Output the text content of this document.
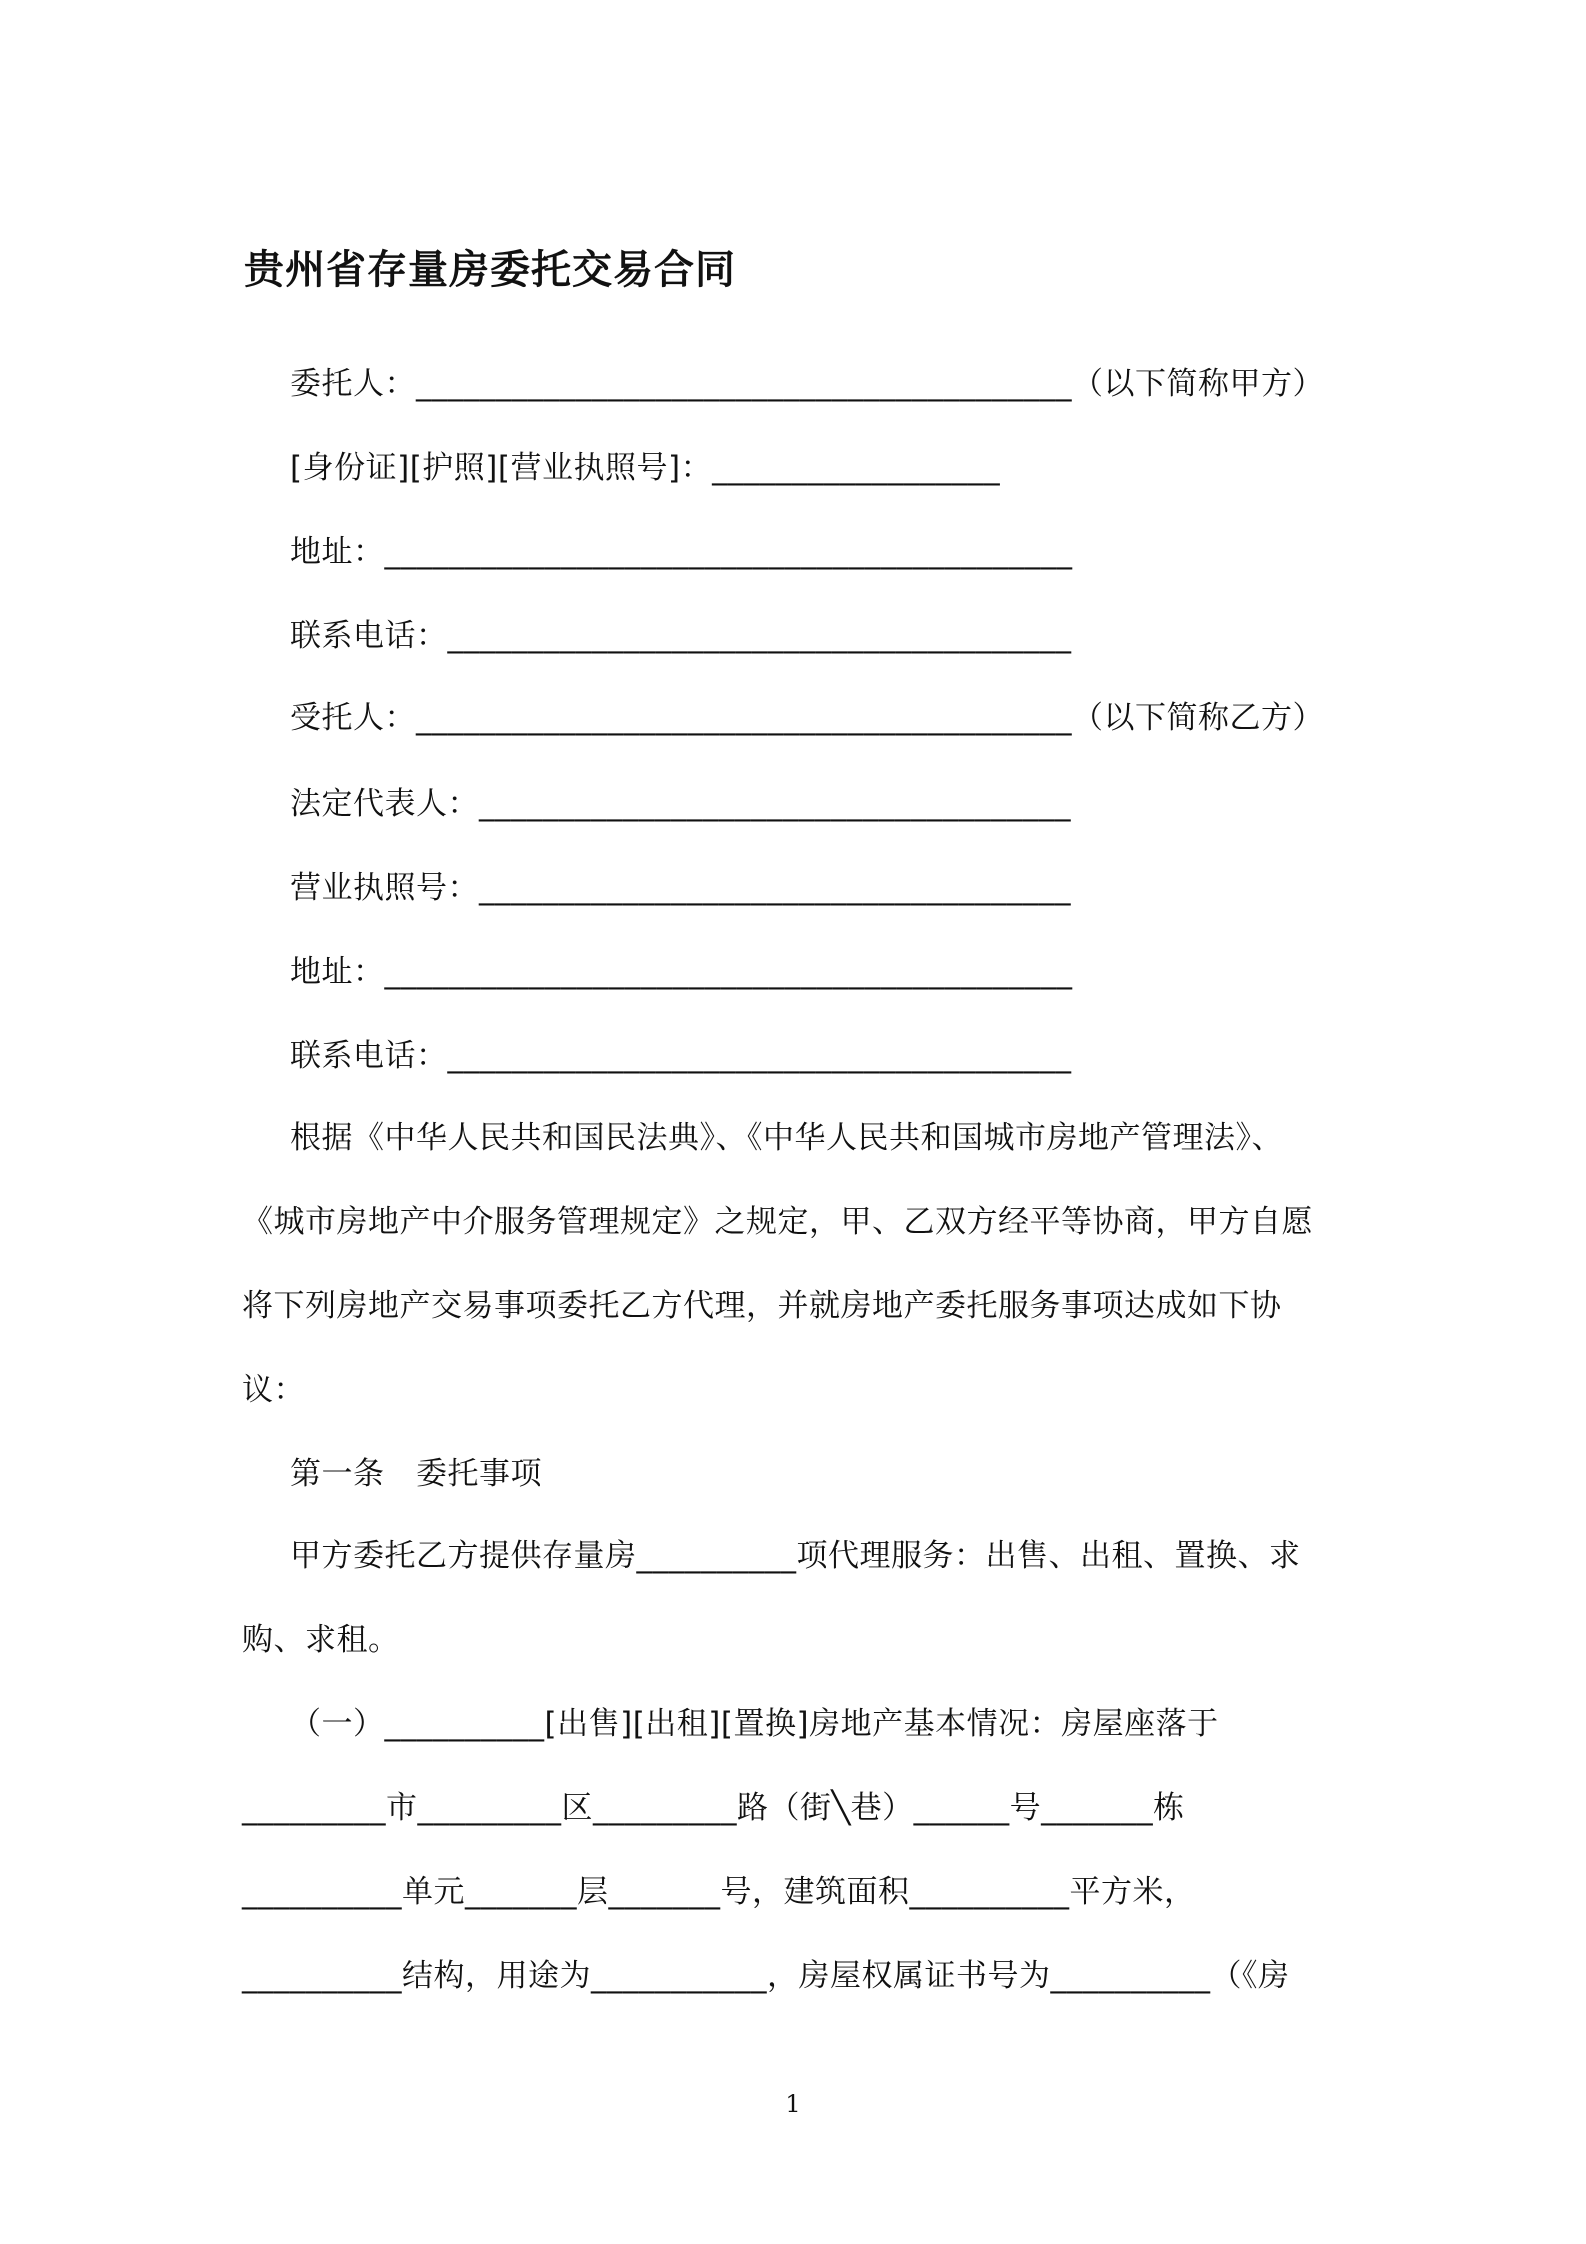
贵州省存量房委托交易合同
委托人：_________________________________________（以下简称甲方）
[身份证][护照][营业执照号]：__________________
地址：___________________________________________
联系电话：_______________________________________
受托人：_________________________________________（以下简称乙方）
法定代表人：_____________________________________
营业执照号：_____________________________________
地址：___________________________________________
联系电话：_______________________________________
根据《中华人民共和国民法典》、《中华人民共和国城市房地产管理法》、
《城市房地产中介服务管理规定》之规定，甲、乙双方经平等协商，甲方自愿
将下列房地产交易事项委托乙方代理，并就房地产委托服务事项达成如下协
议：
第一条　委托事项
甲方委托乙方提供存量房__________项代理服务：出售、出租、置换、求
购、求租。
（一）__________[出售][出租][置换]房地产基本情况：房屋座落于
_________市_________区_________路（街╲巷）______号_______栋
__________单元_______层_______号，建筑面积__________平方米，
__________结构，用途为___________，房屋权属证书号为__________（《房
1
